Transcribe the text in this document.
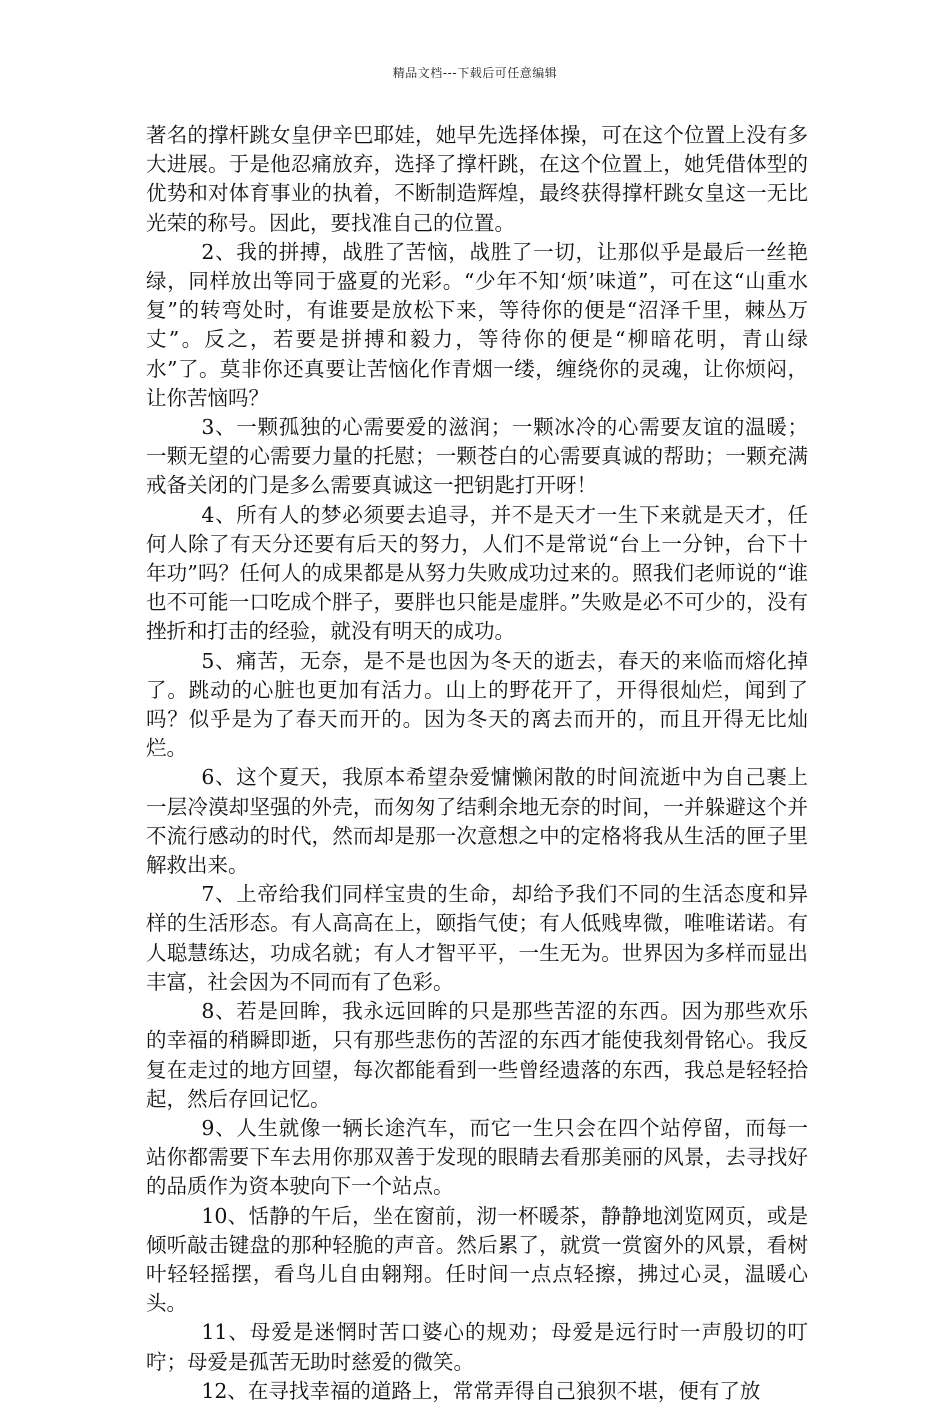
精品文档---下载后可任意编辑

著名的撑杆跳女皇伊辛巴耶娃，她早先选择体操，可在这个位置上没有多大进展。于是他忍痛放弃，选择了撑杆跳，在这个位置上，她凭借体型的优势和对体育事业的执着，不断制造辉煌，最终获得撑杆跳女皇这一无比光荣的称号。因此，要找准自己的位置。

2、我的拼搏，战胜了苦恼，战胜了一切，让那似乎是最后一丝艳绿，同样放出等同于盛夏的光彩。“少年不知‘烦’味道”，可在这“山重水复”的转弯处时，有谁要是放松下来，等待你的便是“沼泽千里，棘丛万丈”。反之，若要是拼搏和毅力，等待你的便是“柳暗花明，青山绿水”了。莫非你还真要让苦恼化作青烟一缕，缠绕你的灵魂，让你烦闷，让你苦恼吗？

3、一颗孤独的心需要爱的滋润；一颗冰冷的心需要友谊的温暖；一颗无望的心需要力量的托慰；一颗苍白的心需要真诚的帮助；一颗充满戒备关闭的门是多么需要真诚这一把钥匙打开呀！

4、所有人的梦必须要去追寻，并不是天才一生下来就是天才，任何人除了有天分还要有后天的努力，人们不是常说“台上一分钟，台下十年功”吗？任何人的成果都是从努力失败成功过来的。照我们老师说的“谁也不可能一口吃成个胖子，要胖也只能是虚胖。”失败是必不可少的，没有挫折和打击的经验，就没有明天的成功。

5、痛苦，无奈，是不是也因为冬天的逝去，春天的来临而熔化掉了。跳动的心脏也更加有活力。山上的野花开了，开得很灿烂，闻到了吗？似乎是为了春天而开的。因为冬天的离去而开的，而且开得无比灿烂。

6、这个夏天，我原本希望杂爱慵懒闲散的时间流逝中为自己裹上一层冷漠却坚强的外壳，而匆匆了结剩余地无奈的时间，一并躲避这个并不流行感动的时代，然而却是那一次意想之中的定格将我从生活的匣子里解救出来。

7、上帝给我们同样宝贵的生命，却给予我们不同的生活态度和异样的生活形态。有人高高在上，颐指气使；有人低贱卑微，唯唯诺诺。有人聪慧练达，功成名就；有人才智平平，一生无为。世界因为多样而显出丰富，社会因为不同而有了色彩。

8、若是回眸，我永远回眸的只是那些苦涩的东西。因为那些欢乐的幸福的稍瞬即逝，只有那些悲伤的苦涩的东西才能使我刻骨铭心。我反复在走过的地方回望，每次都能看到一些曾经遗落的东西，我总是轻轻拾起，然后存回记忆。

9、人生就像一辆长途汽车，而它一生只会在四个站停留，而每一站你都需要下车去用你那双善于发现的眼睛去看那美丽的风景，去寻找好的品质作为资本驶向下一个站点。

10、恬静的午后，坐在窗前，沏一杯暖茶，静静地浏览网页，或是倾听敲击键盘的那种轻脆的声音。然后累了，就赏一赏窗外的风景，看树叶轻轻摇摆，看鸟儿自由翱翔。任时间一点点轻擦，拂过心灵，温暖心头。

11、母爱是迷惘时苦口婆心的规劝；母爱是远行时一声殷切的叮咛；母爱是孤苦无助时慈爱的微笑。

12、在寻找幸福的道路上，常常弄得自己狼狈不堪，便有了放
